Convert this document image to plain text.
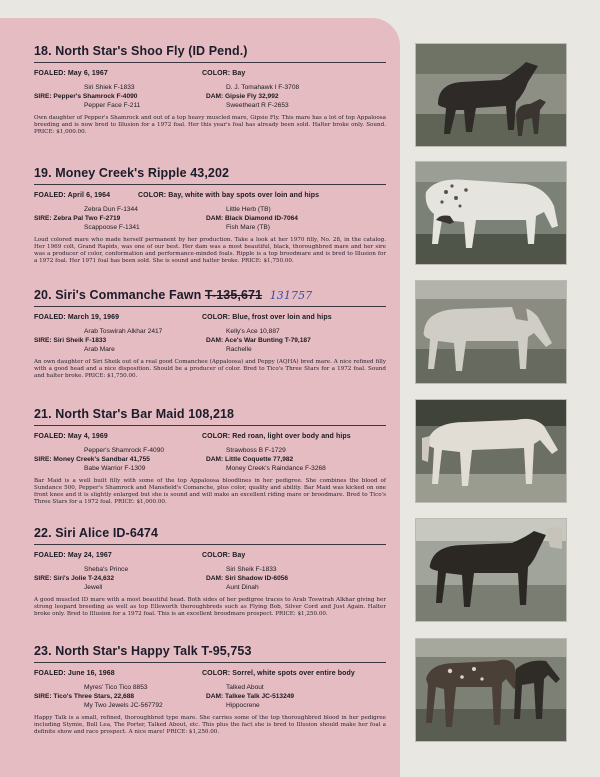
18. North Star's Shoo Fly (ID Pend.)

FOALED: May 6, 1967	COLOR: Bay
Siri Shiek F-1833	D. J. Tomahawk I F-3708
SIRE: Pepper's Shamrock F-4090	DAM: Gipsie Fly 32,992
Pepper Face F-211	Sweetheart R F-2653
Own daughter of Pepper's Shamrock and out of a top heavy muscled mare, Gipsie Fly. This mare has a lot of top Appaloosa breeding and is now bred to Illusion for a 1972 foal. Her this year's foal has already been sold. Halter broke only. Sound. PRICE: $1,000.00.

19. Money Creek's Ripple 43,202

FOALED: April 6, 1964	COLOR: Bay, white with bay spots over loin and hips
Zebra Dun F-1344	Little Herb (TB)
SIRE: Zebra Pal Two F-2719	DAM: Black Diamond ID-7064
Scappoose F-1341	Fish Mare (TB)
Loud colored mare who made herself permanent by her production. Take a look at her 1970 filly, No. 28, in the catalog. Her 1969 colt, Grand Rapids, was one of our best. Her dam was a most beautiful, black, thoroughbred mare and her sire was a producer of color, conformation and performance-minded foals. Ripple is a top broodmare and is bred to Illusion for a 1972 foal. Her 1971 foal has been sold. She is sound and halter broke. PRICE: $1,750.00.

20. Siri's Commanche Fawn T-135,671 131757

FOALED: March 19, 1969	COLOR: Blue, frost over loin and hips
Arab Toswirah Alkhar 2417	Kelly's Ace 10,887
SIRE: Siri Sheik F-1833	DAM: Ace's War Bunting T-79,187
Arab Mare	Rachelle
An own daughter of Siri Sheik out of a real good Comanchee (Appaloosa) and Peppy (AQHA) bred mare. A nice refined filly with a good head and a nice disposition. Should be a producer of color. Bred to Tico's Three Stars for a 1972 foal. Sound and halter broke. PRICE: $1,750.00.

21. North Star's Bar Maid 108,218

FOALED: May 4, 1969	COLOR: Red roan, light over body and hips
Pepper's Shamrock F-4090	Strawboss B F-1729
SIRE: Money Creek's Sandbar 41,755	DAM: Little Coquette 77,982
Babe Warrior F-1309	Money Creek's Raindance F-3268
Bar Maid is a well built filly with some of the top Appaloosa bloodlines in her pedigree. She combines the blood of Sundance 500, Pepper's Shamrock and Mansfield's Comanche, plus color, quality and ability. Bar Maid was kicked on one front knee and it is slightly enlarged but she is sound and will make an excellent riding mare or broodmare. Bred to Tico's Three Stars for a 1972 foal. PRICE: $1,000.00.

22. Siri Alice ID-6474

FOALED: May 24, 1967	COLOR: Bay
Sheba's Prince	Siri Sheik F-1833
SIRE: Siri's Jolie T-24,632	DAM: Siri Shadow ID-6056
Jewell	Aunt Dinah
A good muscled ID mare with a most beautiful head. Both sides of her pedigree traces to Arab Toswirah Alkhar giving her strong leopard breeding as well as top Ellsworth thoroughbreds such as Flying Bob, Silver Cord and Just Again. Halter broke only. Bred to Illusion for a 1972 foal. This is an excellent broodmare prospect. PRICE: $1,250.00.

23. North Star's Happy Talk T-95,753

FOALED: June 16, 1968	COLOR: Sorrel, white spots over entire body
Myres' Tico Tico 8853	Talked About
SIRE: Tico's Three Stars, 22,688	DAM: Talkee Talk JC-513249
My Two Jewels JC-567792	Hippocrene
Happy Talk is a small, refined, thoroughbred type mare. She carries some of the top thoroughbred blood in her pedigree including Stymie, Bull Lea, The Porter, Talked About, etc. This plus the fact she is bred to Illusion should make her foal a definite show and race prospect. A nice mare! PRICE: $1,250.00.
